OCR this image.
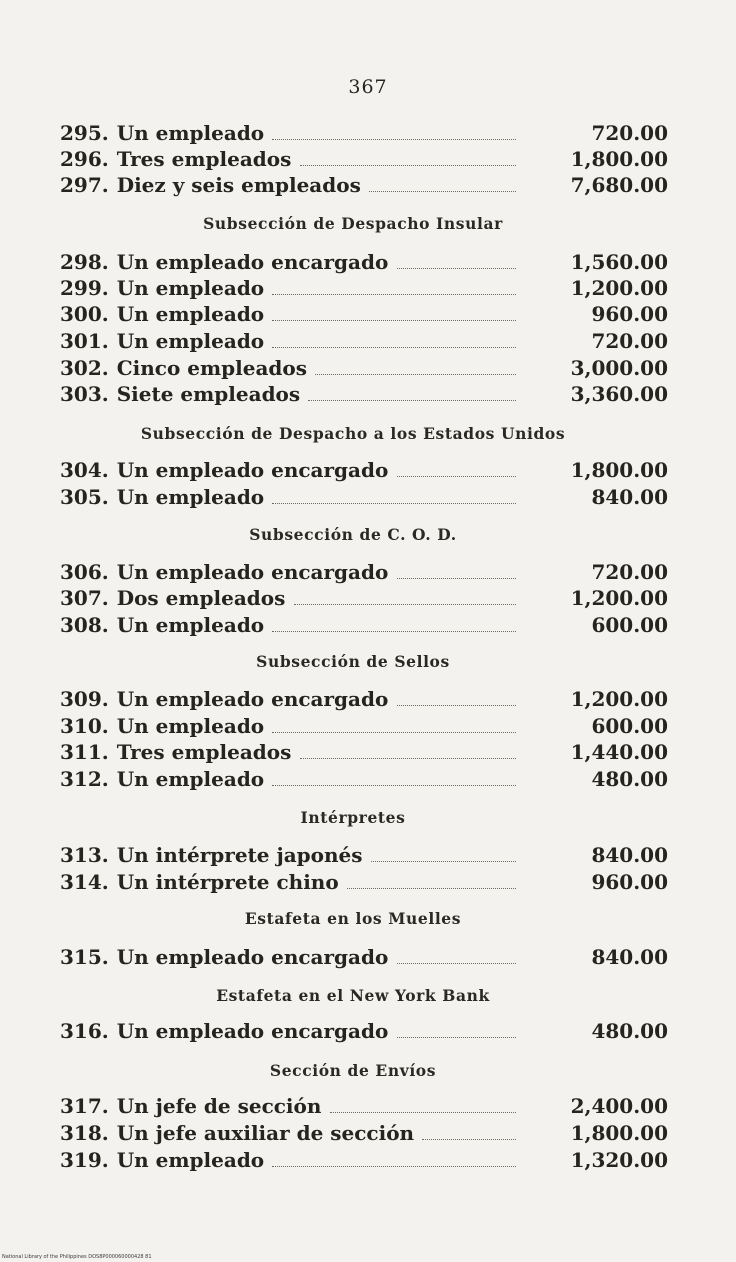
367
295. Un empleado	720.00
296. Tres empleados	1,800.00
297. Diez y seis empleados	7,680.00
Subsección de Despacho Insular
298. Un empleado encargado	1,560.00
299. Un empleado	1,200.00
300. Un empleado	960.00
301. Un empleado	720.00
302. Cinco empleados	3,000.00
303. Siete empleados	3,360.00
Subsección de Despacho a los Estados Unidos
304. Un empleado encargado	1,800.00
305. Un empleado	840.00
Subsección de C. O. D.
306. Un empleado encargado	720.00
307. Dos empleados	1,200.00
308. Un empleado	600.00
Subsección de Sellos
309. Un empleado encargado	1,200.00
310. Un empleado	600.00
311. Tres empleados	1,440.00
312. Un empleado	480.00
Intérpretes
313. Un intérprete japonés	840.00
314. Un intérprete chino	960.00
Estafeta en los Muelles
315. Un empleado encargado	840.00
Estafeta en el New York Bank
316. Un empleado encargado	480.00
Sección de Envíos
317. Un jefe de sección	2,400.00
318. Un jefe auxiliar de sección	1,800.00
319. Un empleado	1,320.00
National Library of the Philippines DOS8P000060000428 81
